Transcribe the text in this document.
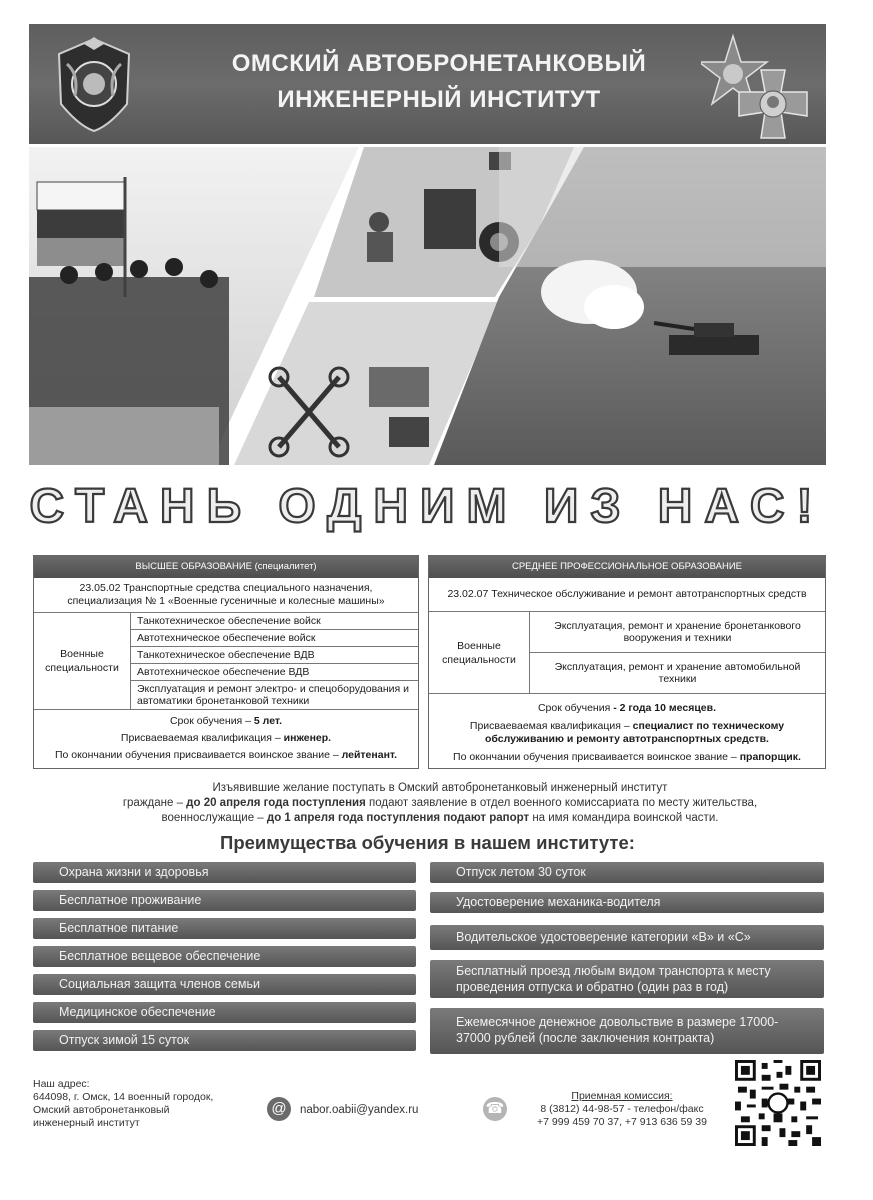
ОМСКИЙ АВТОБРОНЕТАНКОВЫЙ
ИНЖЕНЕРНЫЙ ИНСТИТУТ
СТАНЬ ОДНИМ ИЗ НАС!
ВЫСШЕЕ ОБРАЗОВАНИЕ (специалитет)
23.05.02 Транспортные средства специального назначения,
специализация № 1 «Военные гусеничные и колесные машины»
Военные специальности
Танкотехническое обеспечение войск
Автотехническое обеспечение войск
Танкотехническое обеспечение ВДВ
Автотехническое обеспечение ВДВ
Эксплуатация и ремонт электро- и спецоборудования и автоматики бронетанковой техники
Срок обучения – 5 лет.
Присваеваемая квалификация – инженер.
По окончании обучения присваивается воинское звание – лейтенант.
СРЕДНЕЕ ПРОФЕССИОНАЛЬНОЕ ОБРАЗОВАНИЕ
23.02.07 Техническое обслуживание и ремонт автотранспортных средств
Военные специальности
Эксплуатация, ремонт и хранение бронетанкового вооружения и техники
Эксплуатация, ремонт и хранение автомобильной техники
Срок обучения - 2 года 10 месяцев.
Присваеваемая квалификация – специалист по техническому обслуживанию и ремонту автотранспортных средств.
По окончании обучения присваивается воинское звание – прапорщик.
Изъявившие желание поступать в Омский автобронетанковый инженерный институт
граждане – до 20 апреля года поступления подают заявление в отдел военного комиссариата по месту жительства,
военнослужащие – до 1 апреля года поступления подают рапорт на имя командира воинской части.
Преимущества обучения в нашем институте:
Охрана жизни и здоровья
Бесплатное проживание
Бесплатное питание
Бесплатное вещевое обеспечение
Социальная защита членов семьи
Медицинское обеспечение
Отпуск зимой 15 суток
Отпуск летом 30 суток
Удостоверение механика-водителя
Водительское удостоверение категории «В» и «С»
Бесплатный проезд любым видом транспорта к месту проведения отпуска и обратно (один раз в год)
Ежемесячное денежное довольствие в размере 17000-37000 рублей (после заключения контракта)
Наш адрес:
644098, г. Омск, 14 военный городок,
Омский автобронетанковый
инженерный институт
@	nabor.oabii@yandex.ru	☎
Приемная комиссия:
8 (3812) 44-98-57 - телефон/факс
+7 999 459 70 37, +7 913 636 59 39
